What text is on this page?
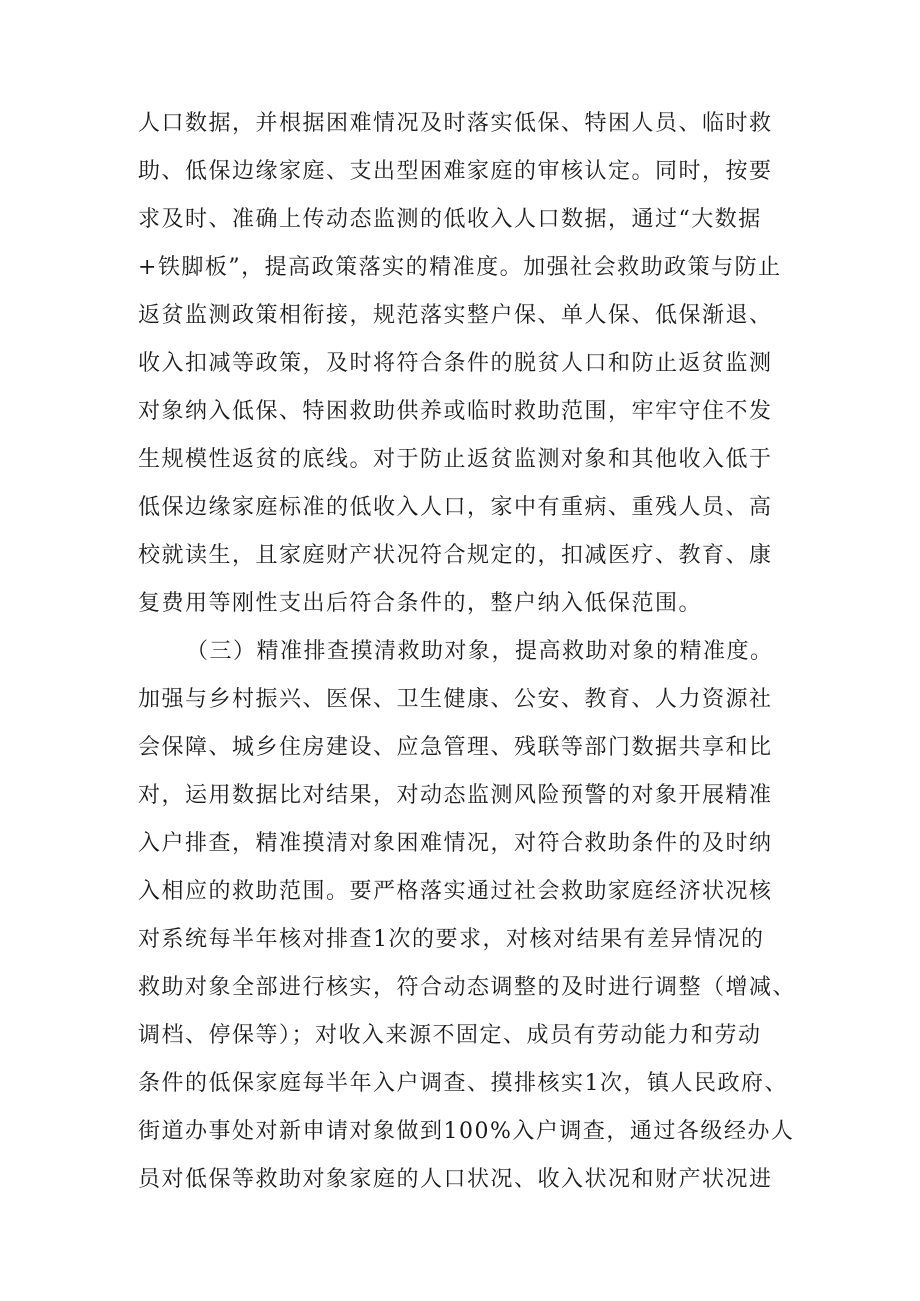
人口数据，并根据困难情况及时落实低保、特困人员、临时救
助、低保边缘家庭、支出型困难家庭的审核认定。同时，按要
求及时、准确上传动态监测的低收入人口数据，通过“大数据
+铁脚板”，提高政策落实的精准度。加强社会救助政策与防止
返贫监测政策相衔接，规范落实整户保、单人保、低保渐退、
收入扣减等政策，及时将符合条件的脱贫人口和防止返贫监测
对象纳入低保、特困救助供养或临时救助范围，牢牢守住不发
生规模性返贫的底线。对于防止返贫监测对象和其他收入低于
低保边缘家庭标准的低收入人口，家中有重病、重残人员、高
校就读生，且家庭财产状况符合规定的，扣减医疗、教育、康
复费用等刚性支出后符合条件的，整户纳入低保范围。
（三）精准排查摸清救助对象，提高救助对象的精准度。
加强与乡村振兴、医保、卫生健康、公安、教育、人力资源社
会保障、城乡住房建设、应急管理、残联等部门数据共享和比
对，运用数据比对结果，对动态监测风险预警的对象开展精准
入户排查，精准摸清对象困难情况，对符合救助条件的及时纳
入相应的救助范围。要严格落实通过社会救助家庭经济状况核
对系统每半年核对排查1次的要求，对核对结果有差异情况的
救助对象全部进行核实，符合动态调整的及时进行调整（增减、
调档、停保等）；对收入来源不固定、成员有劳动能力和劳动
条件的低保家庭每半年入户调查、摸排核实1次，镇人民政府、
街道办事处对新申请对象做到100%入户调查，通过各级经办人
员对低保等救助对象家庭的人口状况、收入状况和财产状况进
